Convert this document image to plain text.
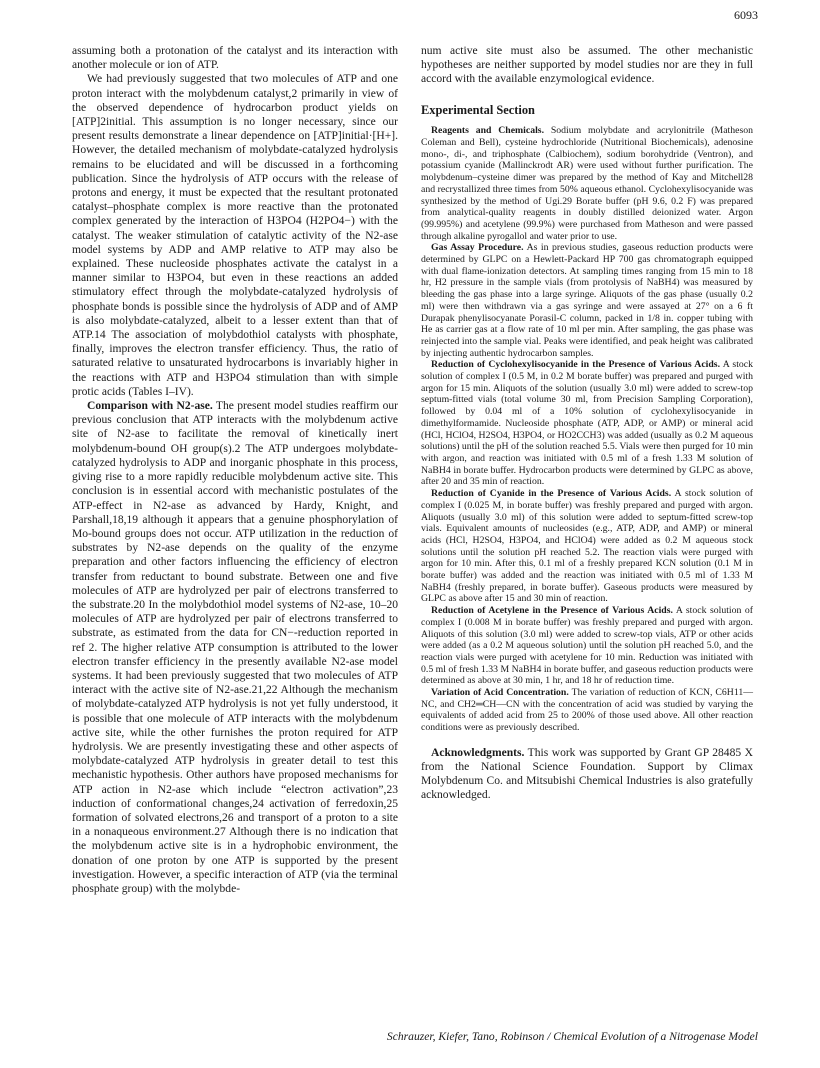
6093

assuming both a protonation of the catalyst and its interaction with another molecule or ion of ATP.

We had previously suggested that two molecules of ATP and one proton interact with the molybdenum catalyst,2 primarily in view of the observed dependence of hydrocarbon product yields on [ATP]2initial. This assumption is no longer necessary, since our present results demonstrate a linear dependence on [ATP]initial·[H+]. However, the detailed mechanism of molybdate-catalyzed hydrolysis remains to be elucidated and will be discussed in a forthcoming publication. Since the hydrolysis of ATP occurs with the release of protons and energy, it must be expected that the resultant protonated catalyst–phosphate complex is more reactive than the protonated complex generated by the interaction of H3PO4 (H2PO4−) with the catalyst. The weaker stimulation of catalytic activity of the N2-ase model systems by ADP and AMP relative to ATP may also be explained. These nucleoside phosphates activate the catalyst in a manner similar to H3PO4, but even in these reactions an added stimulatory effect through the molybdate-catalyzed hydrolysis of phosphate bonds is possible since the hydrolysis of ADP and of AMP is also molybdate-catalyzed, albeit to a lesser extent than that of ATP.14 The association of molybdothiol catalysts with phosphate, finally, improves the electron transfer efficiency. Thus, the ratio of saturated relative to unsaturated hydrocarbons is invariably higher in the reactions with ATP and H3PO4 stimulation than with simple protic acids (Tables I–IV).

Comparison with N2-ase. The present model studies reaffirm our previous conclusion that ATP interacts with the molybdenum active site of N2-ase to facilitate the removal of kinetically inert molybdenum-bound OH group(s).2 The ATP undergoes molybdate-catalyzed hydrolysis to ADP and inorganic phosphate in this process, giving rise to a more rapidly reducible molybdenum active site. This conclusion is in essential accord with mechanistic postulates of the ATP-effect in N2-ase as advanced by Hardy, Knight, and Parshall,18,19 although it appears that a genuine phosphorylation of Mo-bound groups does not occur. ATP utilization in the reduction of substrates by N2-ase depends on the quality of the enzyme preparation and other factors influencing the efficiency of electron transfer from reductant to bound substrate. Between one and five molecules of ATP are hydrolyzed per pair of electrons transferred to the substrate.20 In the molybdothiol model systems of N2-ase, 10–20 molecules of ATP are hydrolyzed per pair of electrons transferred to substrate, as estimated from the data for CN−-reduction reported in ref 2. The higher relative ATP consumption is attributed to the lower electron transfer efficiency in the presently available N2-ase model systems. It had been previously suggested that two molecules of ATP interact with the active site of N2-ase.21,22 Although the mechanism of molybdate-catalyzed ATP hydrolysis is not yet fully understood, it is possible that one molecule of ATP interacts with the molybdenum active site, while the other furnishes the proton required for ATP hydrolysis. We are presently investigating these and other aspects of molybdate-catalyzed ATP hydrolysis in greater detail to test this mechanistic hypothesis. Other authors have proposed mechanisms for ATP action in N2-ase which include “electron activation”,23 induction of conformational changes,24 activation of ferredoxin,25 formation of solvated electrons,26 and transport of a proton to a site in a nonaqueous environment.27 Although there is no indication that the molybdenum active site is in a hydrophobic environment, the donation of one proton by one ATP is supported by the present investigation. However, a specific interaction of ATP (via the terminal phosphate group) with the molybde-

num active site must also be assumed. The other mechanistic hypotheses are neither supported by model studies nor are they in full accord with the available enzymological evidence.

Experimental Section

Reagents and Chemicals. Sodium molybdate and acrylonitrile (Matheson Coleman and Bell), cysteine hydrochloride (Nutritional Biochemicals), adenosine mono-, di-, and triphosphate (Calbiochem), sodium borohydride (Ventron), and potassium cyanide (Mallinckrodt AR) were used without further purification. The molybdenum–cysteine dimer was prepared by the method of Kay and Mitchell28 and recrystallized three times from 50% aqueous ethanol. Cyclohexylisocyanide was synthesized by the method of Ugi.29 Borate buffer (pH 9.6, 0.2 F) was prepared from analytical-quality reagents in doubly distilled deionized water. Argon (99.995%) and acetylene (99.9%) were purchased from Matheson and were passed through alkaline pyrogallol and water prior to use.

Gas Assay Procedure. As in previous studies, gaseous reduction products were determined by GLPC on a Hewlett-Packard HP 700 gas chromatograph equipped with dual flame-ionization detectors. At sampling times ranging from 15 min to 18 hr, H2 pressure in the sample vials (from protolysis of NaBH4) was measured by bleeding the gas phase into a large syringe. Aliquots of the gas phase (usually 0.2 ml) were then withdrawn via a gas syringe and were assayed at 27° on a 6 ft Durapak phenylisocyanate Porasil-C column, packed in 1/8 in. copper tubing with He as carrier gas at a flow rate of 10 ml per min. After sampling, the gas phase was reinjected into the sample vial. Peaks were identified, and peak height was calibrated by injecting authentic hydrocarbon samples.

Reduction of Cyclohexylisocyanide in the Presence of Various Acids. A stock solution of complex I (0.5 M, in 0.2 M borate buffer) was prepared and purged with argon for 15 min. Aliquots of the solution (usually 3.0 ml) were added to screw-top septum-fitted vials (total volume 30 ml, from Precision Sampling Corporation), followed by 0.04 ml of a 10% solution of cyclohexylisocyanide in dimethylformamide. Nucleoside phosphate (ATP, ADP, or AMP) or mineral acid (HCl, HClO4, H2SO4, H3PO4, or HO2CCH3) was added (usually as 0.2 M aqueous solutions) until the pH of the solution reached 5.5. Vials were then purged for 10 min with argon, and reaction was initiated with 0.5 ml of a fresh 1.33 M solution of NaBH4 in borate buffer. Hydrocarbon products were determined by GLPC as above, after 20 and 35 min of reaction.

Reduction of Cyanide in the Presence of Various Acids. A stock solution of complex I (0.025 M, in borate buffer) was freshly prepared and purged with argon. Aliquots (usually 3.0 ml) of this solution were added to septum-fitted screw-top vials. Equivalent amounts of nucleosides (e.g., ATP, ADP, and AMP) or mineral acids (HCl, H2SO4, H3PO4, and HClO4) were added as 0.2 M aqueous stock solutions until the solution pH reached 5.2. The reaction vials were purged with argon for 10 min. After this, 0.1 ml of a freshly prepared KCN solution (0.1 M in borate buffer) was added and the reaction was initiated with 0.5 ml of 1.33 M NaBH4 (freshly prepared, in borate buffer). Gaseous products were measured by GLPC as above after 15 and 30 min of reaction.

Reduction of Acetylene in the Presence of Various Acids. A stock solution of complex I (0.008 M in borate buffer) was freshly prepared and purged with argon. Aliquots of this solution (3.0 ml) were added to screw-top vials, ATP or other acids were added (as a 0.2 M aqueous solution) until the solution pH reached 5.0, and the reaction vials were purged with acetylene for 10 min. Reduction was initiated with 0.5 ml of fresh 1.33 M NaBH4 in borate buffer, and gaseous reduction products were determined as above at 30 min, 1 hr, and 18 hr of reduction time.

Variation of Acid Concentration. The variation of reduction of KCN, C6H11—NC, and CH2═CH—CN with the concentration of acid was studied by varying the equivalents of added acid from 25 to 200% of those used above. All other reaction conditions were as previously described.

Acknowledgments. This work was supported by Grant GP 28485 X from the National Science Foundation. Support by Climax Molybdenum Co. and Mitsubishi Chemical Industries is also gratefully acknowledged.

Schrauzer, Kiefer, Tano, Robinson / Chemical Evolution of a Nitrogenase Model
